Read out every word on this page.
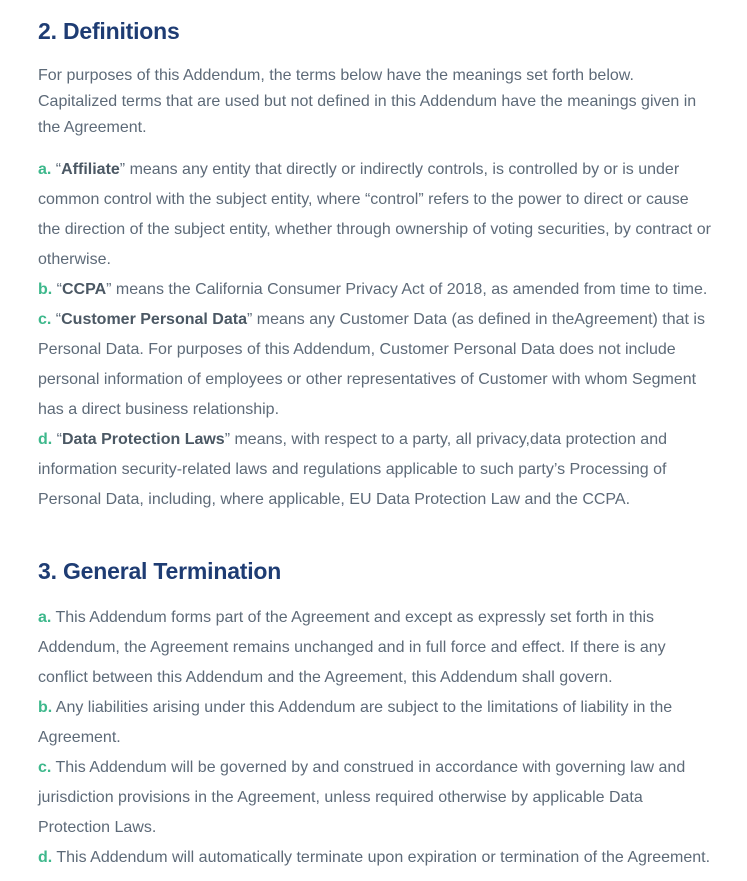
2. Definitions

For purposes of this Addendum, the terms below have the meanings set forth below. Capitalized terms that are used but not defined in this Addendum have the meanings given in the Agreement.

a. “Affiliate” means any entity that directly or indirectly controls, is controlled by or is under common control with the subject entity, where “control” refers to the power to direct or cause the direction of the subject entity, whether through ownership of voting securities, by contract or otherwise.

b. “CCPA” means the California Consumer Privacy Act of 2018, as amended from time to time.

c. “Customer Personal Data” means any Customer Data (as defined in theAgreement) that is Personal Data. For purposes of this Addendum, Customer Personal Data does not include personal information of employees or other representatives of Customer with whom Segment has a direct business relationship.

d. “Data Protection Laws” means, with respect to a party, all privacy,data protection and information security-related laws and regulations applicable to such party’s Processing of Personal Data, including, where applicable, EU Data Protection Law and the CCPA.

3. General Termination

a. This Addendum forms part of the Agreement and except as expressly set forth in this Addendum, the Agreement remains unchanged and in full force and effect. If there is any conflict between this Addendum and the Agreement, this Addendum shall govern.

b. Any liabilities arising under this Addendum are subject to the limitations of liability in the Agreement.

c. This Addendum will be governed by and construed in accordance with governing law and jurisdiction provisions in the Agreement, unless required otherwise by applicable Data Protection Laws.

d. This Addendum will automatically terminate upon expiration or termination of the Agreement.
